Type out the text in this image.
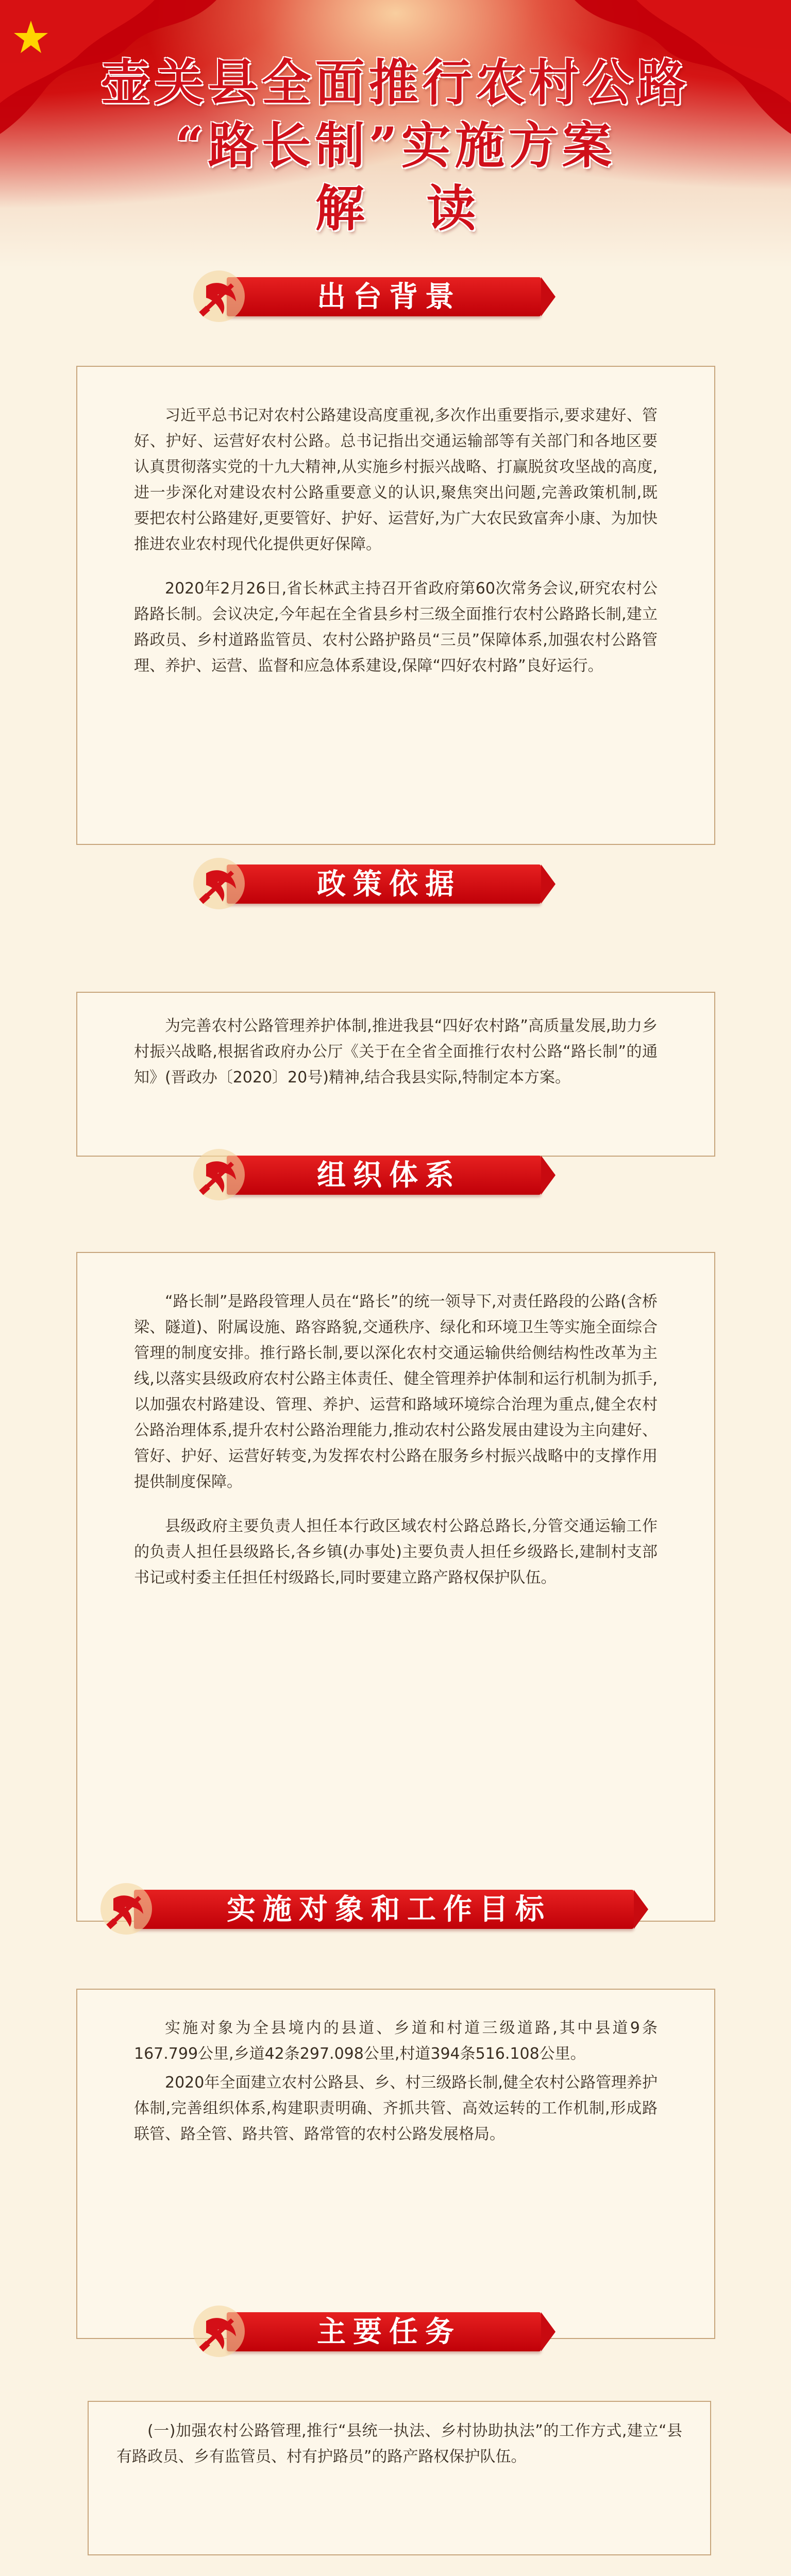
壶关县全面推行农村公路
“路长制”实施方案
解读
出台背景

习近平总书记对农村公路建设高度重视,多次作出重要指示,要求建好、管好、护好、运营好农村公路。总书记指出交通运输部等有关部门和各地区要认真贯彻落实党的十九大精神,从实施乡村振兴战略、打赢脱贫攻坚战的高度,进一步深化对建设农村公路重要意义的认识,聚焦突出问题,完善政策机制,既要把农村公路建好,更要管好、护好、运营好,为广大农民致富奔小康、为加快推进农业农村现代化提供更好保障。

2020年2月26日,省长林武主持召开省政府第60次常务会议,研究农村公路路长制。会议决定,今年起在全省县乡村三级全面推行农村公路路长制,建立路政员、乡村道路监管员、农村公路护路员“三员”保障体系,加强农村公路管理、养护、运营、监督和应急体系建设,保障“四好农村路”良好运行。

政策依据

为完善农村公路管理养护体制,推进我县“四好农村路”高质量发展,助力乡村振兴战略,根据省政府办公厅《关于在全省全面推行农村公路“路长制”的通知》(晋政办〔2020〕20号)精神,结合我县实际,特制定本方案。

组织体系

“路长制”是路段管理人员在“路长”的统一领导下,对责任路段的公路(含桥梁、隧道)、附属设施、路容路貌,交通秩序、绿化和环境卫生等实施全面综合管理的制度安排。推行路长制,要以深化农村交通运输供给侧结构性改革为主线,以落实县级政府农村公路主体责任、健全管理养护体制和运行机制为抓手,以加强农村路建设、管理、养护、运营和路域环境综合治理为重点,健全农村公路治理体系,提升农村公路治理能力,推动农村公路发展由建设为主向建好、管好、护好、运营好转变,为发挥农村公路在服务乡村振兴战略中的支撑作用提供制度保障。

县级政府主要负责人担任本行政区域农村公路总路长,分管交通运输工作的负责人担任县级路长,各乡镇(办事处)主要负责人担任乡级路长,建制村支部书记或村委主任担任村级路长,同时要建立路产路权保护队伍。

实施对象和工作目标

实施对象为全县境内的县道、乡道和村道三级道路,其中县道9条167.799公里,乡道42条297.098公里,村道394条516.108公里。

2020年全面建立农村公路县、乡、村三级路长制,健全农村公路管理养护体制,完善组织体系,构建职责明确、齐抓共管、高效运转的工作机制,形成路联管、路全管、路共管、路常管的农村公路发展格局。

主要任务

(一)加强农村公路管理,推行“县统一执法、乡村协助执法”的工作方式,建立“县有路政员、乡有监管员、村有护路员”的路产路权保护队伍。
